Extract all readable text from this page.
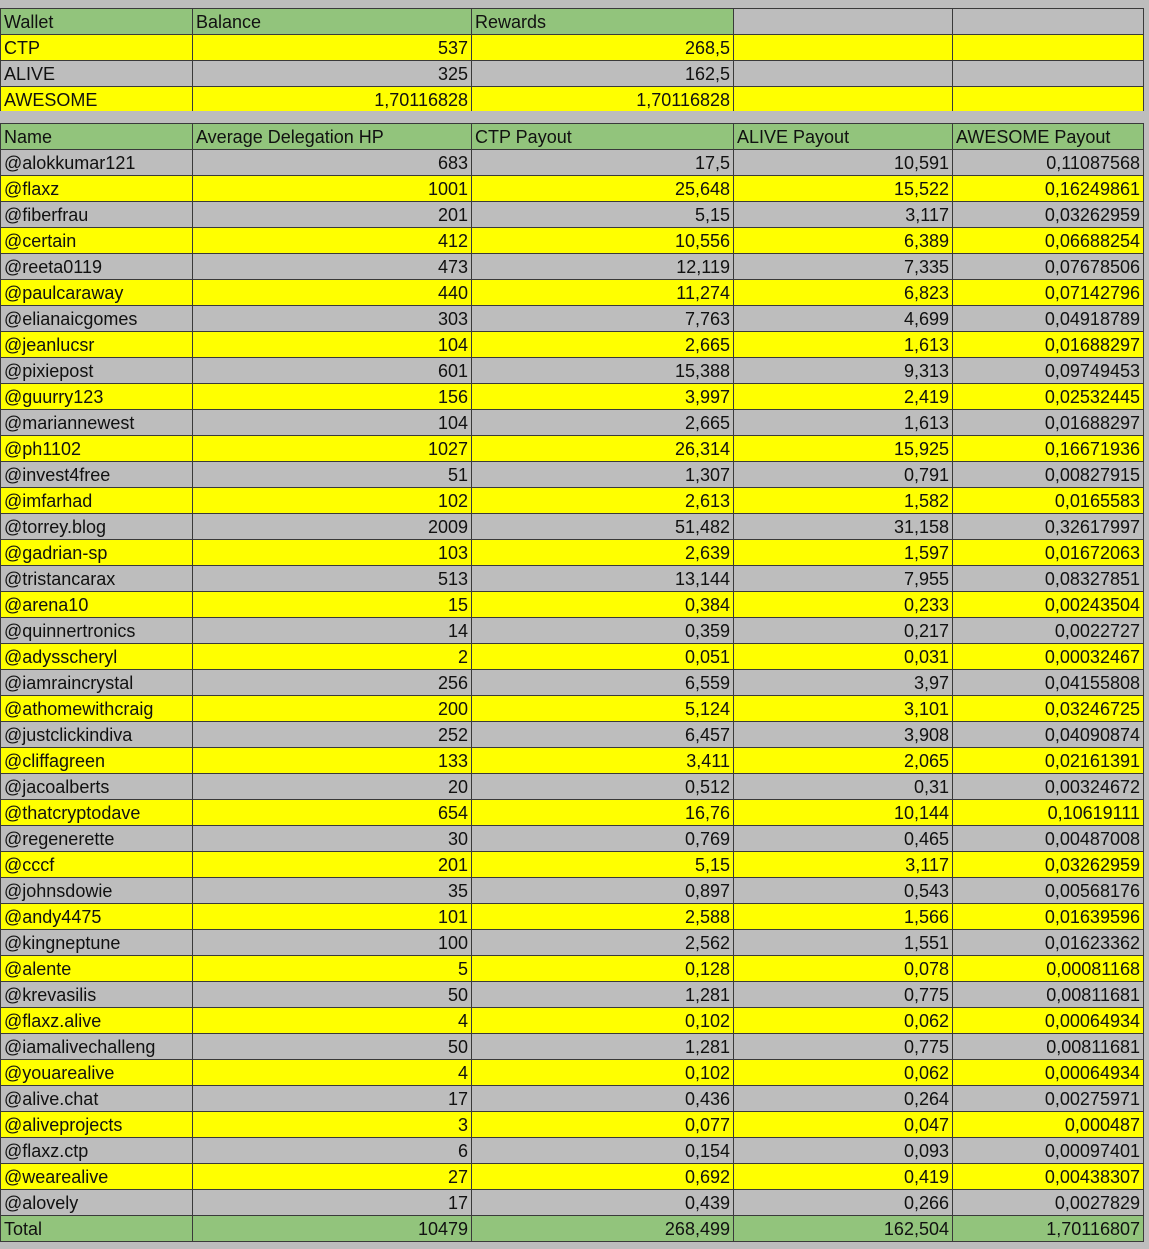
Wallet	Balance	Rewards		
CTP	537	268,5		
ALIVE	325	162,5		
AWESOME	1,70116828	1,70116828		
Name	Average Delegation HP	CTP Payout	ALIVE Payout	AWESOME Payout
@alokkumar121	683	17,5	10,591	0,11087568
@flaxz	1001	25,648	15,522	0,16249861
@fiberfrau	201	5,15	3,117	0,03262959
@certain	412	10,556	6,389	0,06688254
@reeta0119	473	12,119	7,335	0,07678506
@paulcaraway	440	11,274	6,823	0,07142796
@elianaicgomes	303	7,763	4,699	0,04918789
@jeanlucsr	104	2,665	1,613	0,01688297
@pixiepost	601	15,388	9,313	0,09749453
@guurry123	156	3,997	2,419	0,02532445
@mariannewest	104	2,665	1,613	0,01688297
@ph1102	1027	26,314	15,925	0,16671936
@invest4free	51	1,307	0,791	0,00827915
@imfarhad	102	2,613	1,582	0,0165583
@torrey.blog	2009	51,482	31,158	0,32617997
@gadrian-sp	103	2,639	1,597	0,01672063
@tristancarax	513	13,144	7,955	0,08327851
@arena10	15	0,384	0,233	0,00243504
@quinnertronics	14	0,359	0,217	0,0022727
@adysscheryl	2	0,051	0,031	0,00032467
@iamraincrystal	256	6,559	3,97	0,04155808
@athomewithcraig	200	5,124	3,101	0,03246725
@justclickindiva	252	6,457	3,908	0,04090874
@cliffagreen	133	3,411	2,065	0,02161391
@jacoalberts	20	0,512	0,31	0,00324672
@thatcryptodave	654	16,76	10,144	0,10619111
@regenerette	30	0,769	0,465	0,00487008
@cccf	201	5,15	3,117	0,03262959
@johnsdowie	35	0,897	0,543	0,00568176
@andy4475	101	2,588	1,566	0,01639596
@kingneptune	100	2,562	1,551	0,01623362
@alente	5	0,128	0,078	0,00081168
@krevasilis	50	1,281	0,775	0,00811681
@flaxz.alive	4	0,102	0,062	0,00064934
@iamalivechalleng	50	1,281	0,775	0,00811681
@youarealive	4	0,102	0,062	0,00064934
@alive.chat	17	0,436	0,264	0,00275971
@aliveprojects	3	0,077	0,047	0,000487
@flaxz.ctp	6	0,154	0,093	0,00097401
@wearealive	27	0,692	0,419	0,00438307
@alovely	17	0,439	0,266	0,0027829
Total	10479	268,499	162,504	1,70116807
